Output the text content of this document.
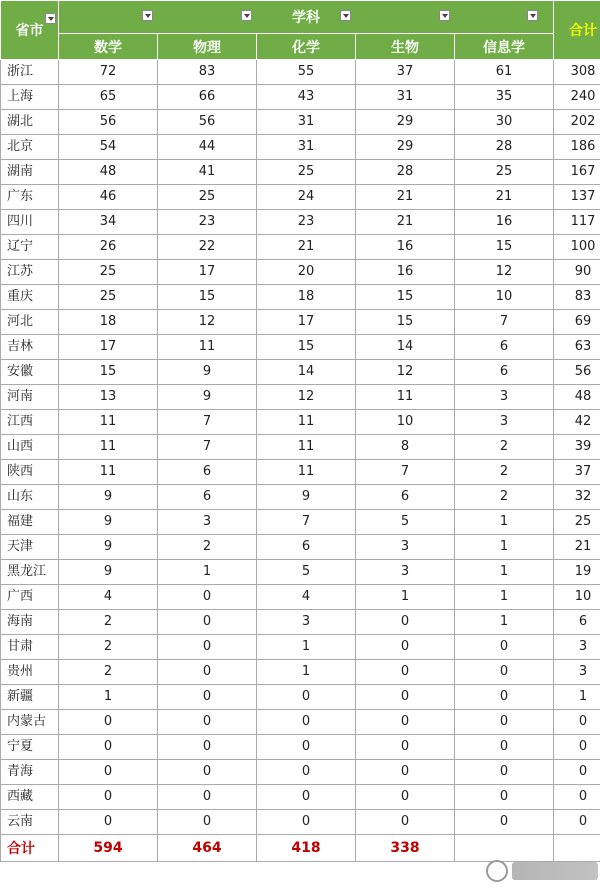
省市	学科					合计
	数学	物理	化学	生物	信息学	
浙江	72	83	55	37	61	308
上海	65	66	43	31	35	240
湖北	56	56	31	29	30	202
北京	54	44	31	29	28	186
湖南	48	41	25	28	25	167
广东	46	25	24	21	21	137
四川	34	23	23	21	16	117
辽宁	26	22	21	16	15	100
江苏	25	17	20	16	12	90
重庆	25	15	18	15	10	83
河北	18	12	17	15	7	69
吉林	17	11	15	14	6	63
安徽	15	9	14	12	6	56
河南	13	9	12	11	3	48
江西	11	7	11	10	3	42
山西	11	7	11	8	2	39
陕西	11	6	11	7	2	37
山东	9	6	9	6	2	32
福建	9	3	7	5	1	25
天津	9	2	6	3	1	21
黑龙江	9	1	5	3	1	19
广西	4	0	4	1	1	10
海南	2	0	3	0	1	6
甘肃	2	0	1	0	0	3
贵州	2	0	1	0	0	3
新疆	1	0	0	0	0	1
内蒙古	0	0	0	0	0	0
宁夏	0	0	0	0	0	0
青海	0	0	0	0	0	0
西藏	0	0	0	0	0	0
云南	0	0	0	0	0	0
合计	594	464	418	338		
